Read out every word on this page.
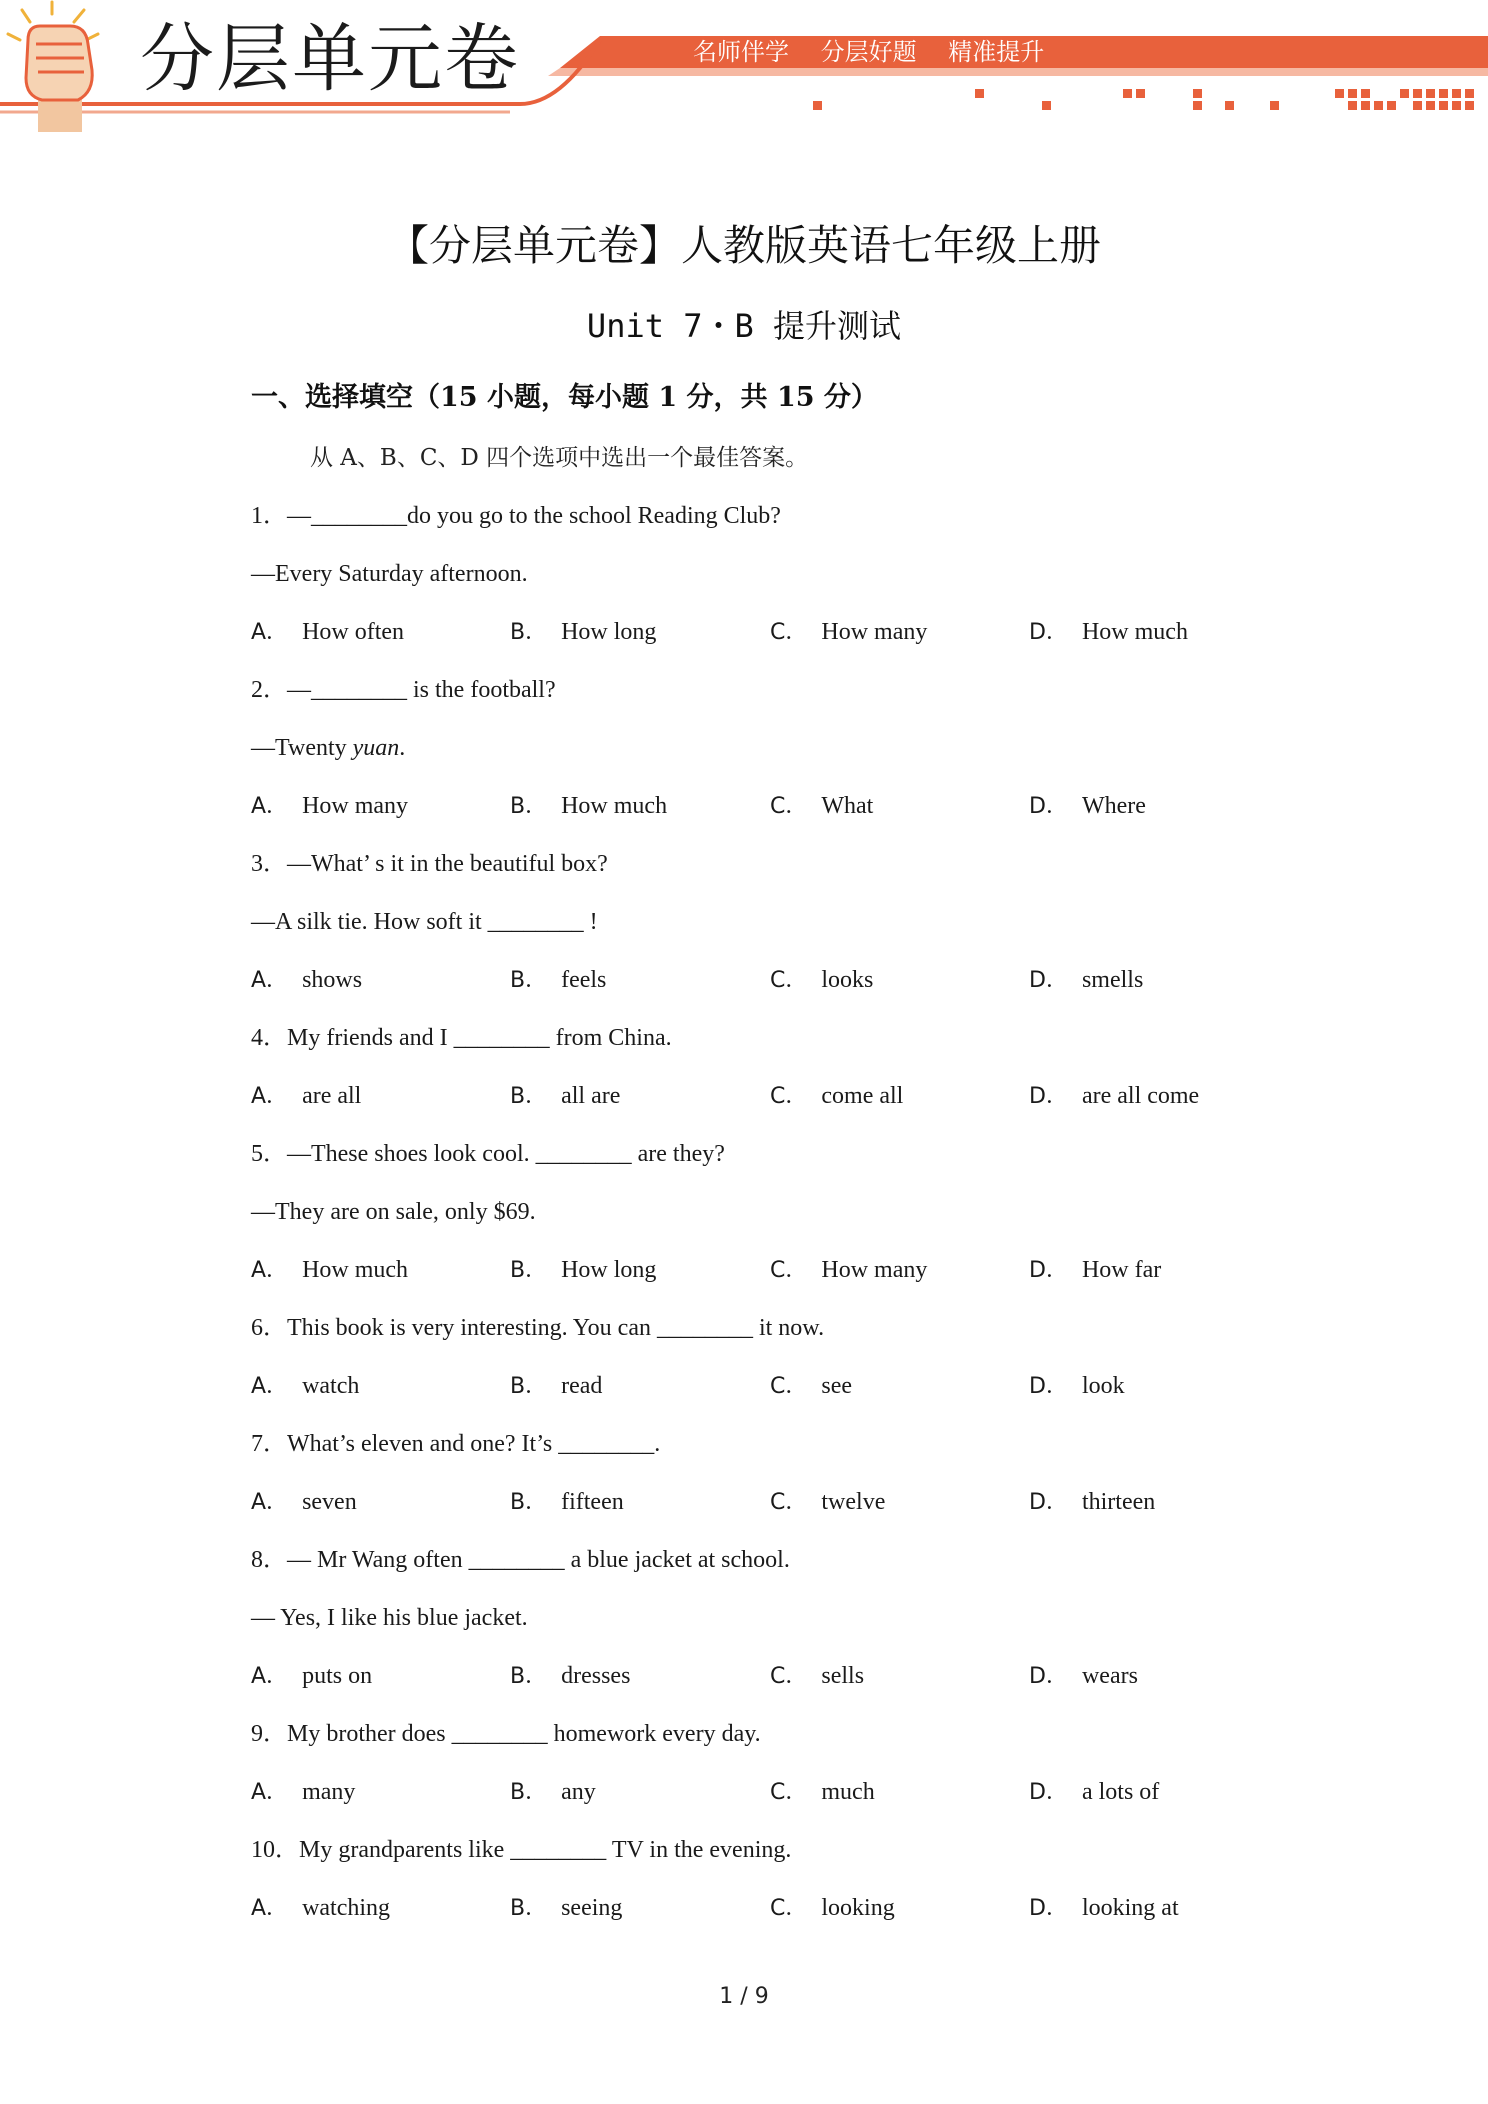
分层单元卷	名师伴学 分层好题 精准提升
【分层单元卷】人教版英语七年级上册
Unit 7・B 提升测试
一、选择填空（15 小题，每小题 1 分，共 15 分）
从 A、B、C、D 四个选项中选出一个最佳答案。
1．—________do you go to the school Reading Club?
—Every Saturday afternoon.
A． How often	B． How long	C． How many	D． How much
2．—________ is the football?
—Twenty yuan.
A． How many	B． How much	C． What	D． Where
3．—What’ s it in the beautiful box?
—A silk tie. How soft it ________ !
A． shows	B． feels	C． looks	D． smells
4．My friends and I ________ from China.
A． are all	B． all are	C． come all	D． are all come
5．—These shoes look cool. ________ are they?
—They are on sale, only $69.
A． How much	B． How long	C． How many	D． How far
6．This book is very interesting. You can ________ it now.
A． watch	B． read	C． see	D． look
7．What’s eleven and one? It’s ________.
A． seven	B． fifteen	C． twelve	D． thirteen
8．— Mr Wang often ________ a blue jacket at school.
— Yes, I like his blue jacket.
A． puts on	B． dresses	C． sells	D． wears
9．My brother does ________ homework every day.
A． many	B． any	C． much	D． a lots of
10．My grandparents like ________ TV in the evening.
A． watching	B． seeing	C． looking	D． looking at
1 / 9
